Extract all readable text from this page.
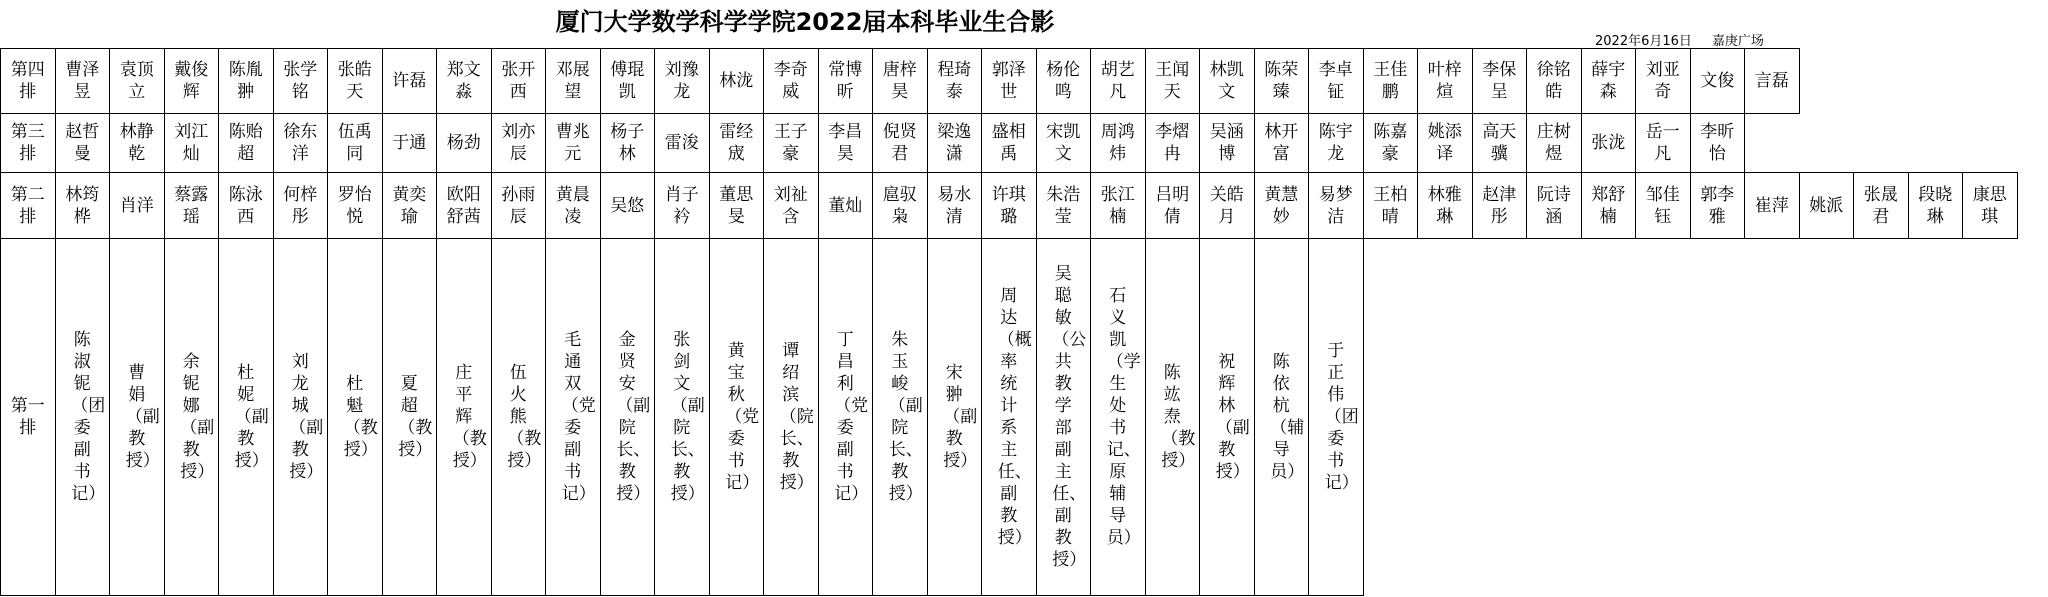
厦门大学数学科学学院2022届本科毕业生合影
2022年6月16日 嘉庚广场
第四排
曹泽昱
袁顶立
戴俊辉
陈胤翀
张学铭
张皓天
许磊
郑文淼
张开西
邓展望
傅琨凯
刘豫龙
林泷
李奇威
常博昕
唐梓昊
程琦泰
郭泽世
杨伦鸣
胡艺凡
王闻天
林凯文
陈荣臻
李卓钲
王佳鹏
叶梓煊
李保呈
徐铭皓
薛宇森
刘亚奇
文俊 言磊
第三排
赵哲曼
林静乾
刘江灿
陈贻超
徐东洋
伍禹同
于通 杨劲
刘亦辰
曹兆元
杨子林
雷浚
雷经宬
王子豪
李昌昊
倪贤君
梁逸潇
盛相禹
宋凯文
周鸿炜
李熠冉
吴涵博
林开富
陈宇龙
陈嘉豪
姚添译
高天骥
庄树煜
张泷
岳一凡
李昕怡
第二排
林筠桦
肖洋
蔡露瑶
陈泳西
何梓彤
罗怡悦
黄奕瑜
欧阳舒茜
孙雨辰
黄晨凌
吴悠
肖子衿
董思旻
刘祉含
董灿
扈驭枭
易水清
许琪璐
朱浩莹
张江楠
吕明倩
关皓月
黄慧妙
易梦洁
王柏晴
林雅琳
赵津彤
阮诗涵
郑舒楠
邹佳钰
郭李雅
崔萍 姚派
张晟君
段晓琳
康思琪
第一排
陈淑铌（团委副书记）
曹娟（副教授）
余铌娜（副教授）
杜妮（副教授）
刘龙城（副教授）
杜魁（教授）
夏超（教授）
庄平辉（教授）
伍火熊（教授）
毛通双（党委副书记）
金贤安（副院长、教授）
张剑文（副院长、教授）
黄宝秋（党委书记）
谭绍滨（院长、教授）
丁昌利（党委副书记）
朱玉峻（副院长、教授）
宋翀（副教授）
周达（概率统计系主任、副教授）
吴聪敏（公共教学部副主任、副教授）
石义凯（学生处书记、原辅导员）
陈竑焘（教授）
祝辉林（副教授）
陈依杭（辅导员）
于正伟（团委书记）
